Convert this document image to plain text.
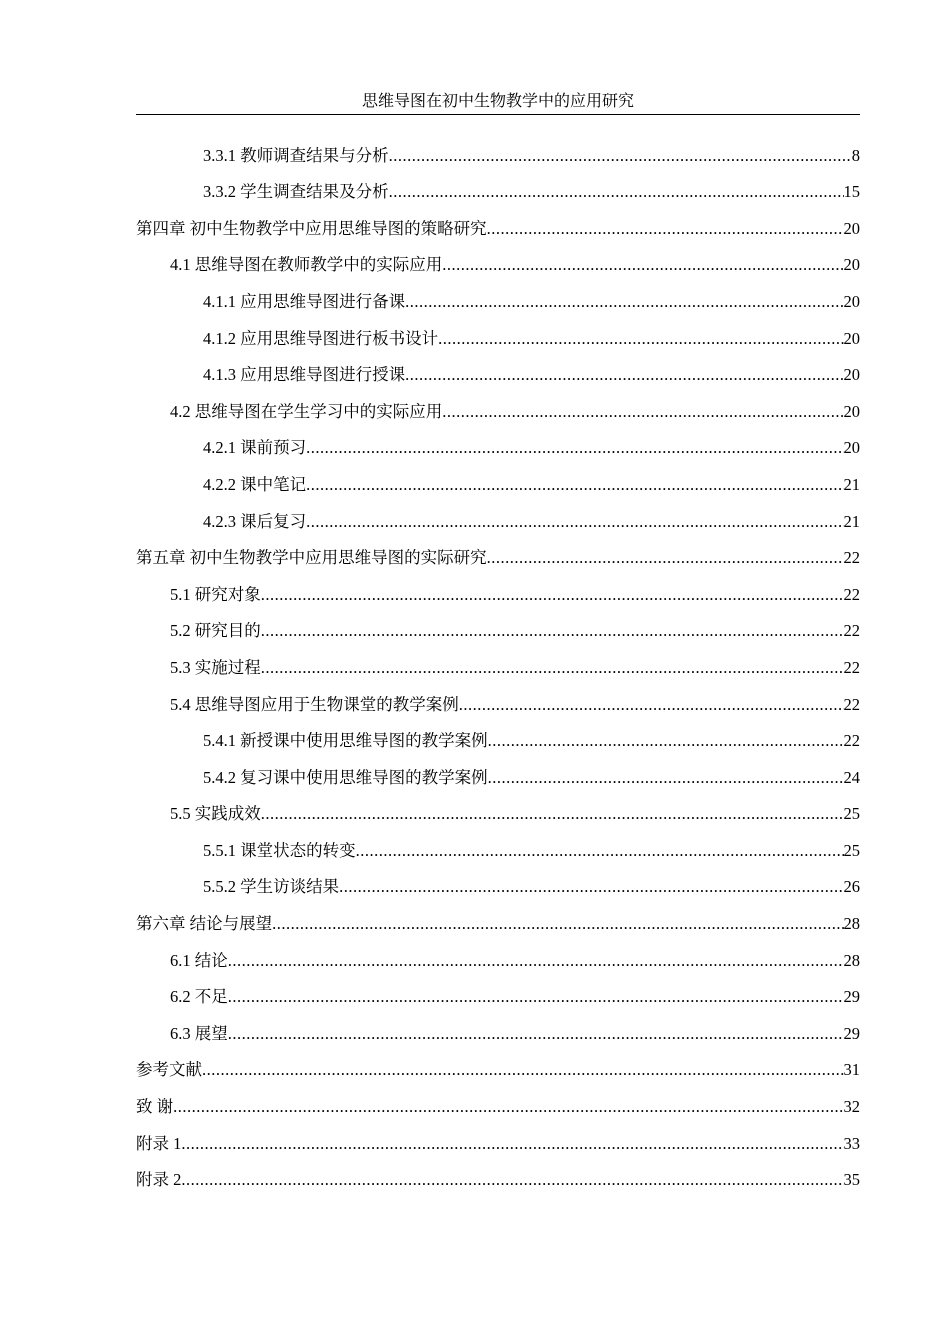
思维导图在初中生物教学中的应用研究
3.3.1 教师调查结果与分析 .....	8
3.3.2 学生调查结果及分析 .....	15
第四章 初中生物教学中应用思维导图的策略研究 .....	20
4.1 思维导图在教师教学中的实际应用 .....	20
4.1.1 应用思维导图进行备课 .....	20
4.1.2 应用思维导图进行板书设计 .....	20
4.1.3 应用思维导图进行授课 .....	20
4.2 思维导图在学生学习中的实际应用 .....	20
4.2.1 课前预习 .....	20
4.2.2 课中笔记 .....	21
4.2.3 课后复习 .....	21
第五章 初中生物教学中应用思维导图的实际研究 .....	22
5.1 研究对象 .....	22
5.2 研究目的 .....	22
5.3 实施过程 .....	22
5.4 思维导图应用于生物课堂的教学案例 .....	22
5.4.1 新授课中使用思维导图的教学案例 .....	22
5.4.2 复习课中使用思维导图的教学案例 .....	24
5.5 实践成效 .....	25
5.5.1 课堂状态的转变 .....	25
5.5.2 学生访谈结果 .....	26
第六章 结论与展望 .....	28
6.1 结论 .....	28
6.2 不足 .....	29
6.3 展望 .....	29
参考文献 .....	31
致 谢 .....	32
附录 1 .....	33
附录 2 .....	35
